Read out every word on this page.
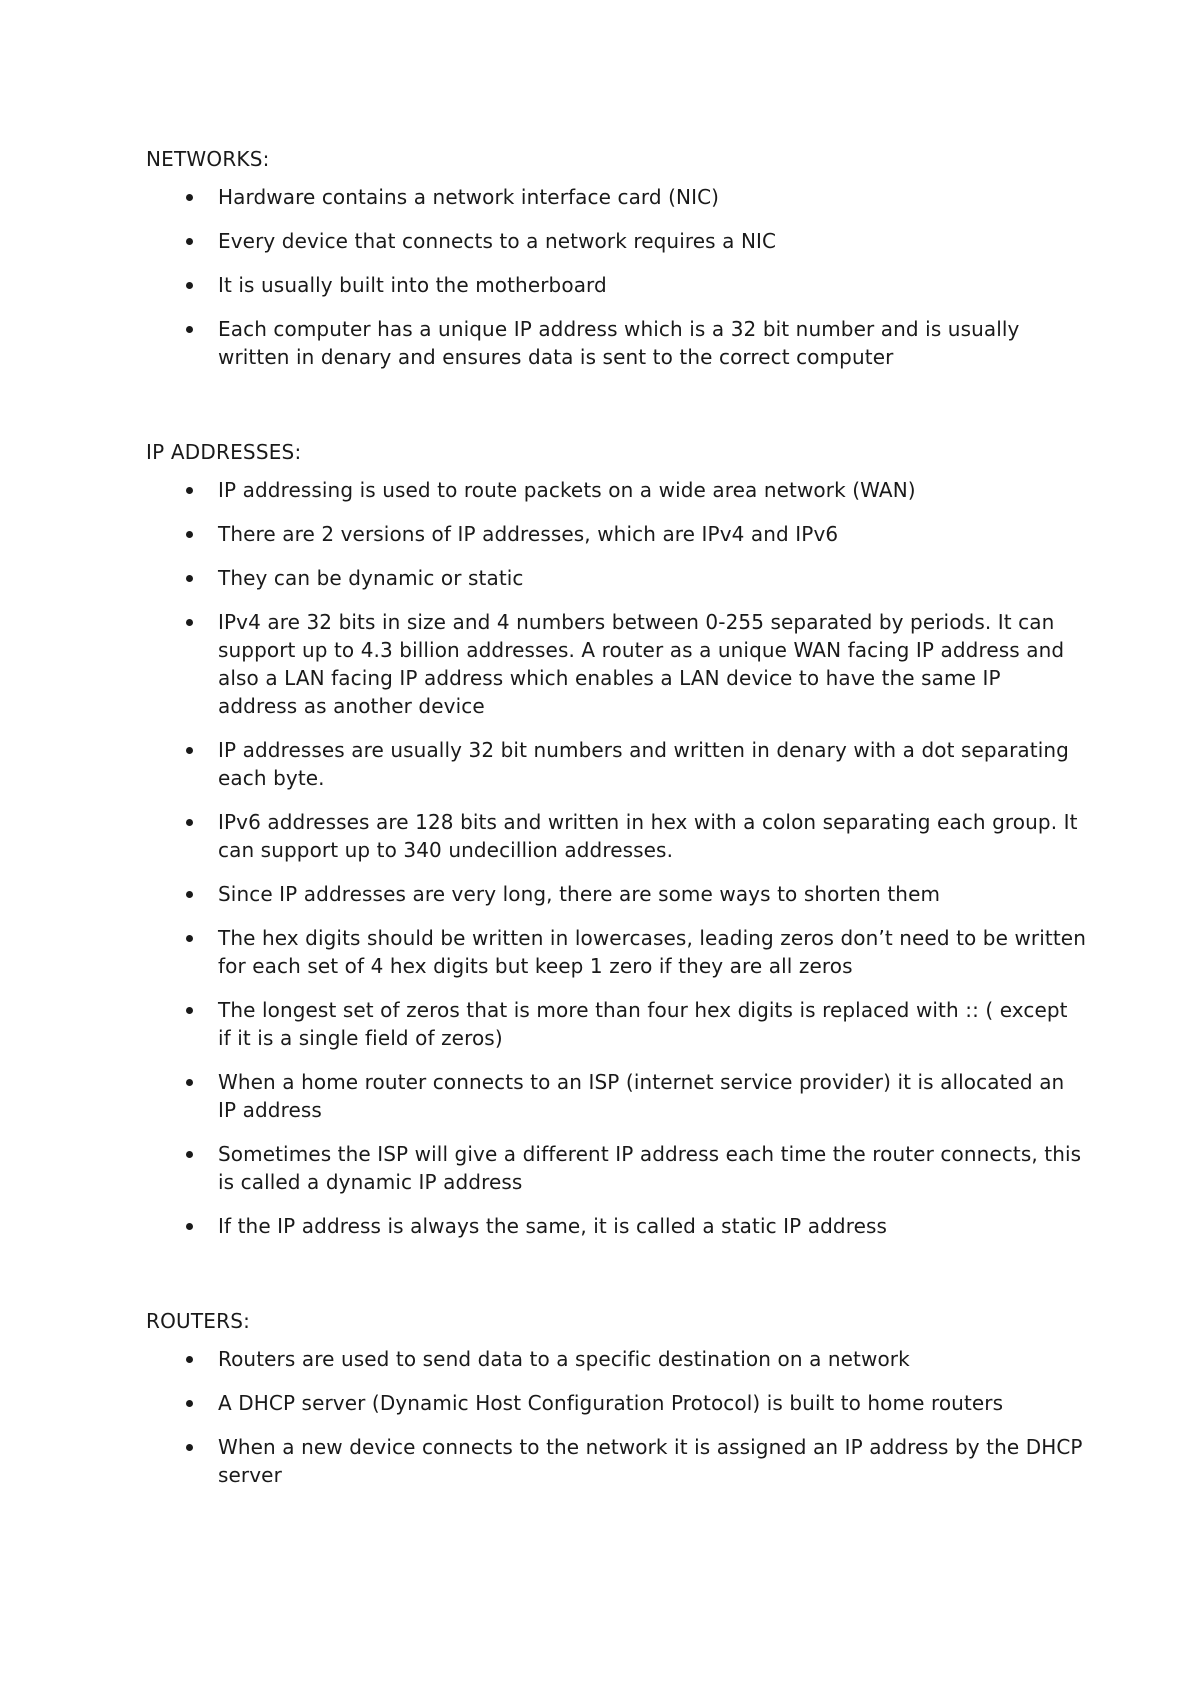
NETWORKS:
Hardware contains a network interface card (NIC)
Every device that connects to a network requires a NIC
It is usually built into the motherboard
Each computer has a unique IP address which is a 32 bit number and is usually written in denary and ensures data is sent to the correct computer
IP ADDRESSES:
IP addressing is used to route packets on a wide area network (WAN)
There are 2 versions of IP addresses, which are IPv4 and IPv6
They can be dynamic or static
IPv4 are 32 bits in size and 4 numbers between 0-255 separated by periods. It can support up to 4.3 billion addresses. A router as a unique WAN facing IP address and also a LAN facing IP address which enables a LAN device to have the same IP address as another device
IP addresses are usually 32 bit numbers and written in denary with a dot separating each byte.
IPv6 addresses are 128 bits and written in hex with a colon separating each group. It can support up to 340 undecillion addresses.
Since IP addresses are very long, there are some ways to shorten them
The hex digits should be written in lowercases, leading zeros don’t need to be written for each set of 4 hex digits but keep 1 zero if they are all zeros
The longest set of zeros that is more than four hex digits is replaced with :: ( except if it is a single field of zeros)
When a home router connects to an ISP (internet service provider) it is allocated an IP address
Sometimes the ISP will give a different IP address each time the router connects, this is called a dynamic IP address
If the IP address is always the same, it is called a static IP address
ROUTERS:
Routers are used to send data to a specific destination on a network
A DHCP server (Dynamic Host Configuration Protocol) is built to home routers
When a new device connects to the network it is assigned an IP address by the DHCP server
